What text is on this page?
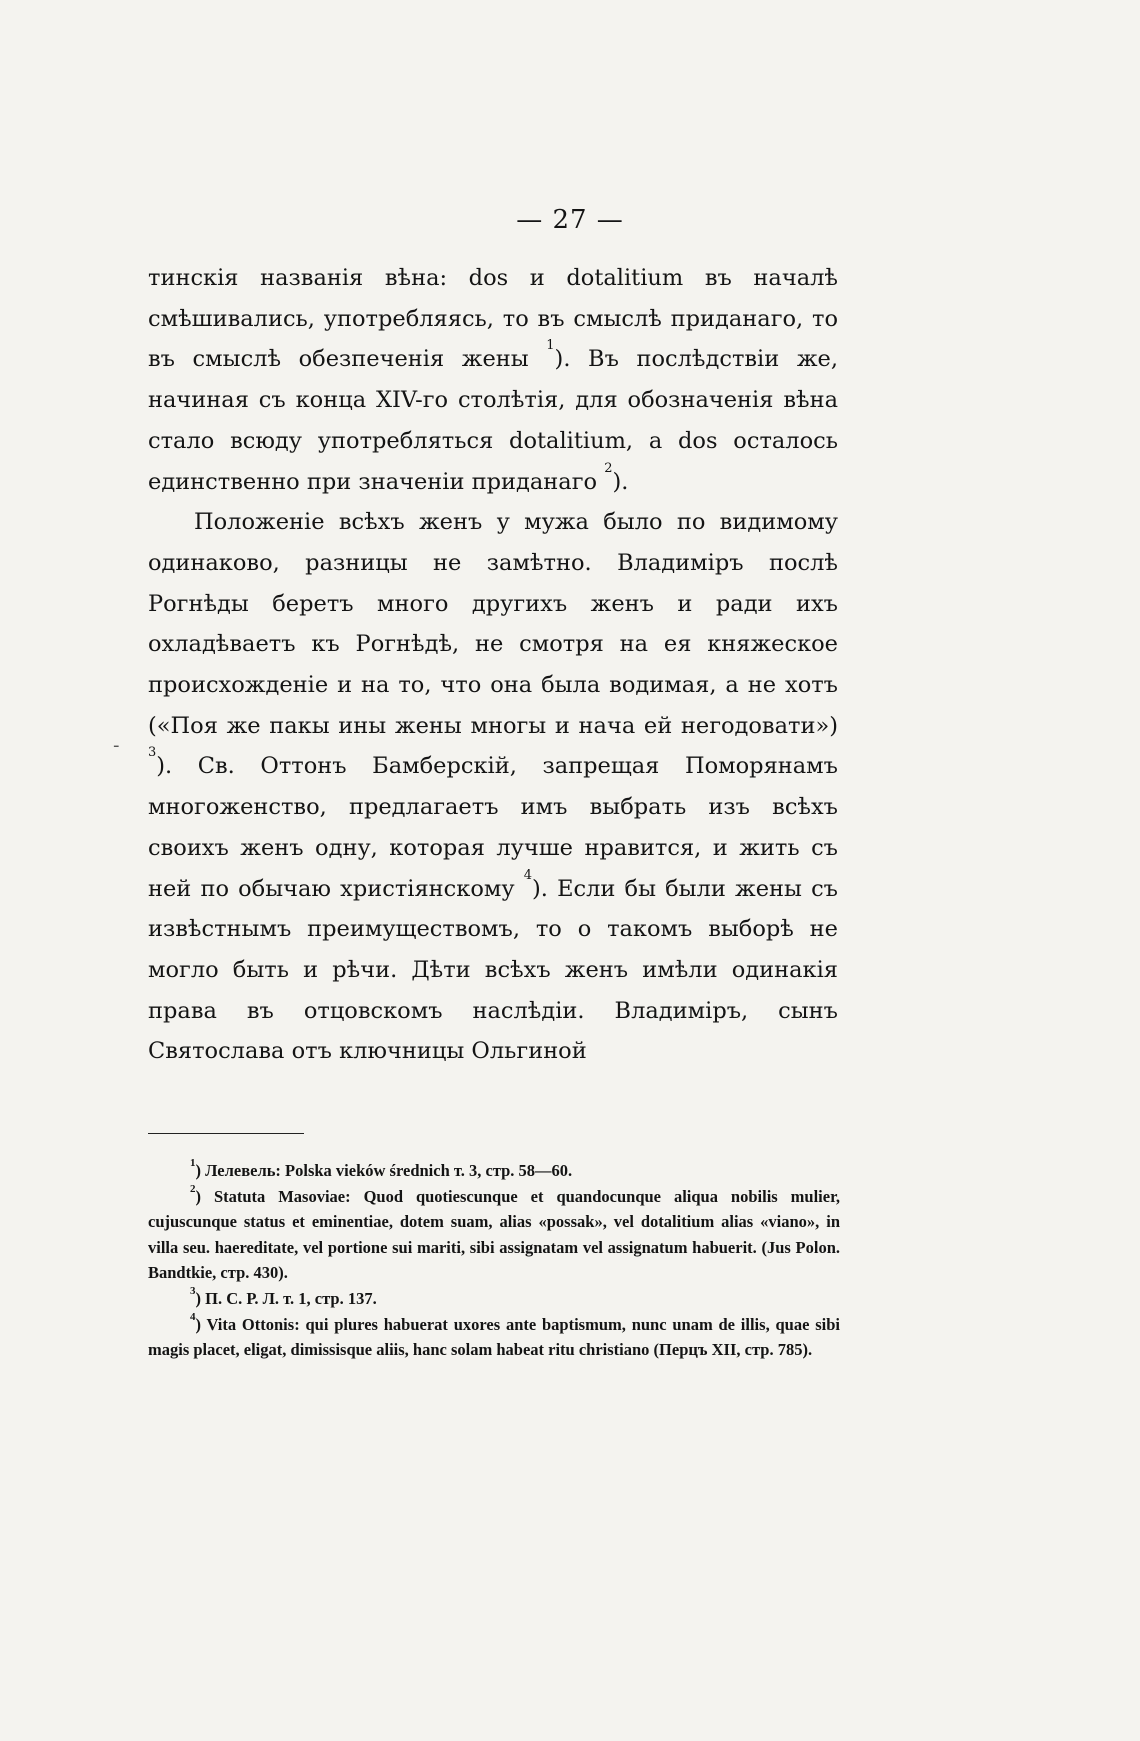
— 27 —

тинскія названія вѣна: dos и dotalitium въ началѣ смѣшивались, употребляясь, то въ смыслѣ приданаго, то въ смыслѣ обезпеченія жены $^1$). Въ послѣдствіи же, начиная съ конца XIV-го столѣтія, для обозначенія вѣна стало всюду употребляться dotalitium, а dos осталось единственно при значеніи приданаго $^2$).

Положеніе всѣхъ женъ у мужа было по видимому одинаково, разницы не замѣтно. Владиміръ послѣ Рогнѣды беретъ много другихъ женъ и ради ихъ охладѣваетъ къ Рогнѣдѣ, не смотря на ея княжеское происхожденіе и на то, что она была водимая, а не хотъ («Поя же пакы ины жены многы и нача ей негодовати») $^3$). Св. Оттонъ Бамберскій, запрещая Поморянамъ многоженство, предлагаетъ имъ выбрать изъ всѣхъ своихъ женъ одну, которая лучше нравится, и жить съ ней по обычаю христіянскому $^4$). Если бы были жены съ извѣстнымъ преимуществомъ, то о такомъ выборѣ не могло быть и рѣчи. Дѣти всѣхъ женъ имѣли одинакія права въ отцовскомъ наслѣдіи. Владиміръ, сынъ Святослава отъ ключницы Ольгиной

$^1$) Лелевель: Polska vieków średnich т. 3, стр. 58—60.

$^2$) Statuta Masoviae: Quod quotiescunque et quandocunque aliqua nobilis mulier, cujuscunque status et eminentiae, dotem suam, alias «possak», vel dotalitium alias «viano», in villa seu. haereditate, vel portione sui mariti, sibi assignatam vel assignatum habuerit. (Jus Polon. Bandtkie, стр. 430).

$^3$) П. С. Р. Л. т. 1, стр. 137.

$^4$) Vita Ottonis: qui plures habuerat uxores ante baptismum, nunc unam de illis, quae sibi magis placet, eligat, dimissisque aliis, hanc solam habeat ritu christiano (Перцъ XII, стр. 785).

-
